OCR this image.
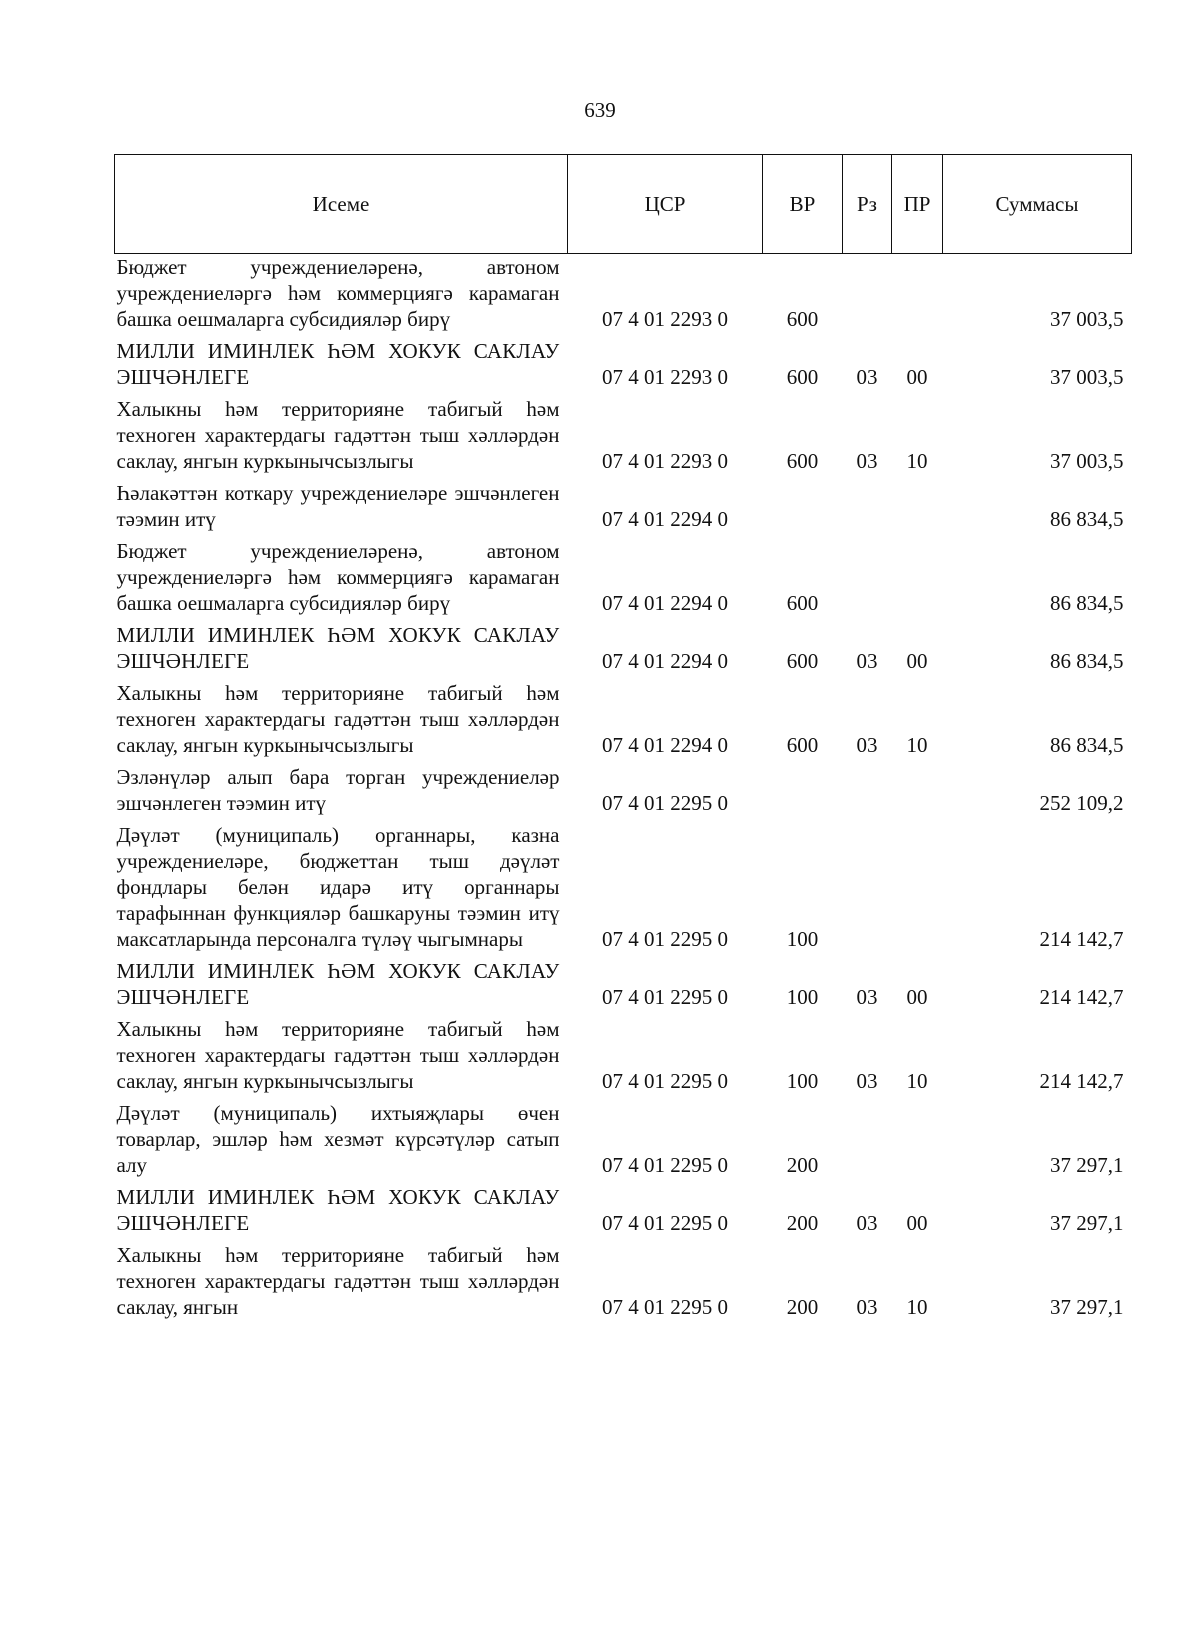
639
Исеме	ЦСР	ВР	Рз	ПР	Суммасы
Бюджет учреждениеләренә, автоном учреждениеләргә һәм коммерциягә карамаган башка оешмаларга субсидияләр бирү	07 4 01 2293 0	600			37 003,5
МИЛЛИ ИМИНЛЕК ҺӘМ ХОКУК САКЛАУ ЭШЧӘНЛЕГЕ	07 4 01 2293 0	600	03	00	37 003,5
Халыкны һәм территорияне табигый һәм техноген характердагы гадәттән тыш хәлләрдән саклау, янгын куркынычсызлыгы	07 4 01 2293 0	600	03	10	37 003,5
Һәлакәттән коткару учреждениеләре эшчәнлеген тәэмин итү	07 4 01 2294 0				86 834,5
Бюджет учреждениеләренә, автоном учреждениеләргә һәм коммерциягә карамаган башка оешмаларга субсидияләр бирү	07 4 01 2294 0	600			86 834,5
МИЛЛИ ИМИНЛЕК ҺӘМ ХОКУК САКЛАУ ЭШЧӘНЛЕГЕ	07 4 01 2294 0	600	03	00	86 834,5
Халыкны һәм территорияне табигый һәм техноген характердагы гадәттән тыш хәлләрдән саклау, янгын куркынычсызлыгы	07 4 01 2294 0	600	03	10	86 834,5
Эзләнүләр алып бара торган учреждениеләр эшчәнлеген тәэмин итү	07 4 01 2295 0				252 109,2
Дәүләт (муниципаль) органнары, казна учреждениеләре, бюджеттан тыш дәүләт фондлары белән идарә итү органнары тарафыннан функцияләр башкаруны тәэмин итү максатларында персоналга түләү чыгымнары	07 4 01 2295 0	100			214 142,7
МИЛЛИ ИМИНЛЕК ҺӘМ ХОКУК САКЛАУ ЭШЧӘНЛЕГЕ	07 4 01 2295 0	100	03	00	214 142,7
Халыкны һәм территорияне табигый һәм техноген характердагы гадәттән тыш хәлләрдән саклау, янгын куркынычсызлыгы	07 4 01 2295 0	100	03	10	214 142,7
Дәүләт (муниципаль) ихтыяҗлары өчен товарлар, эшләр һәм хезмәт күрсәтүләр сатып алу	07 4 01 2295 0	200			37 297,1
МИЛЛИ ИМИНЛЕК ҺӘМ ХОКУК САКЛАУ ЭШЧӘНЛЕГЕ	07 4 01 2295 0	200	03	00	37 297,1
Халыкны һәм территорияне табигый һәм техноген характердагы гадәттән тыш хәлләрдән саклау, янгын	07 4 01 2295 0	200	03	10	37 297,1
